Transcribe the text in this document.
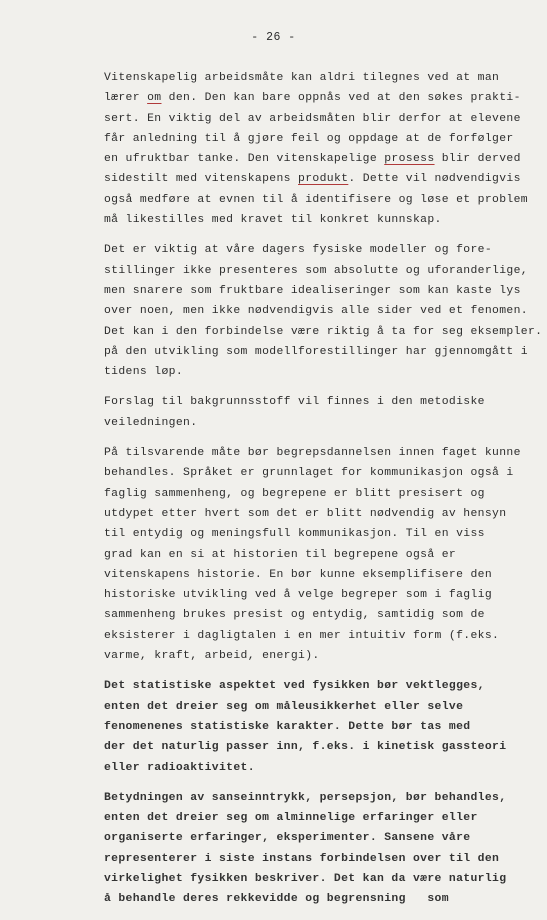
- 26 -
Vitenskapelig arbeidsmåte kan aldri tilegnes ved at man
lærer om den. Den kan bare oppnås ved at den søkes prakti-
sert. En viktig del av arbeidsmåten blir derfor at elevene
får anledning til å gjøre feil og oppdage at de forfølger
en ufruktbar tanke. Den vitenskapelige prosess blir derved
sidestilt med vitenskapens produkt. Dette vil nødvendigvis
også medføre at evnen til å identifisere og løse et problem
må likestilles med kravet til konkret kunnskap.
Det er viktig at våre dagers fysiske modeller og fore-
stillinger ikke presenteres som absolutte og uforanderlige,
men snarere som fruktbare idealiseringer som kan kaste lys
over noen, men ikke nødvendigvis alle sider ved et fenomen.
Det kan i den forbindelse være riktig å ta for seg eksempler.
på den utvikling som modellforestillinger har gjennomgått i
tidens løp.
Forslag til bakgrunnsstoff vil finnes i den metodiske
veiledningen.
På tilsvarende måte bør begrepsdannelsen innen faget kunne
behandles. Språket er grunnlaget for kommunikasjon også i
faglig sammenheng, og begrepene er blitt presisert og
utdypet etter hvert som det er blitt nødvendig av hensyn
til entydig og meningsfull kommunikasjon. Til en viss
grad kan en si at historien til begrepene også er
vitenskapens historie. En bør kunne eksemplifisere den
historiske utvikling ved å velge begreper som i faglig
sammenheng brukes presist og entydig, samtidig som de
eksisterer i dagligtalen i en mer intuitiv form (f.eks.
varme, kraft, arbeid, energi).
Det statistiske aspektet ved fysikken bør vektlegges,
enten det dreier seg om måleusikkerhet eller selve
fenomenenes statistiske karakter. Dette bør tas med
der det naturlig passer inn, f.eks. i kinetisk gassteori
eller radioaktivitet.
Betydningen av sanseinntrykk, persepsjon, bør behandles,
enten det dreier seg om alminnelige erfaringer eller
organiserte erfaringer, eksperimenter. Sansene våre
representerer i siste instans forbindelsen over til den
virkelighet fysikken beskriver. Det kan da være naturlig
å behandle deres rekkevidde og begrensning   som
